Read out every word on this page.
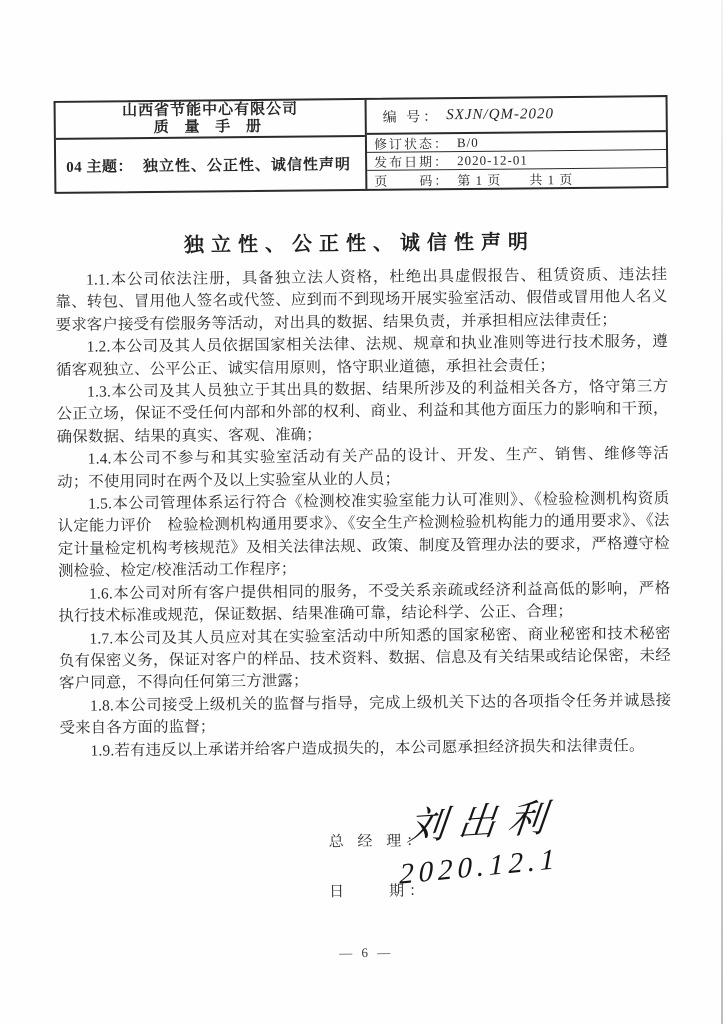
山西省节能中心有限公司
质 量 手 册
04 主题： 独立性、公正性、诚信性声明
编 号： SXJN/QM-2020
修订状态： B/0
发布日期： 2020-12-01
页　　码： 第 1 页　　共 1 页
独立性、公正性、诚信性声明

1.1.本公司依法注册，具备独立法人资格，杜绝出具虚假报告、租赁资质、违法挂靠、转包、冒用他人签名或代签、应到而不到现场开展实验室活动、假借或冒用他人名义要求客户接受有偿服务等活动，对出具的数据、结果负责，并承担相应法律责任；

1.2.本公司及其人员依据国家相关法律、法规、规章和执业准则等进行技术服务，遵循客观独立、公平公正、诚实信用原则，恪守职业道德，承担社会责任；

1.3.本公司及其人员独立于其出具的数据、结果所涉及的利益相关各方，恪守第三方公正立场，保证不受任何内部和外部的权利、商业、利益和其他方面压力的影响和干预，确保数据、结果的真实、客观、准确；

1.4.本公司不参与和其实验室活动有关产品的设计、开发、生产、销售、维修等活动；不使用同时在两个及以上实验室从业的人员；

1.5.本公司管理体系运行符合《检测校准实验室能力认可准则》、《检验检测机构资质认定能力评价　检验检测机构通用要求》、《安全生产检测检验机构能力的通用要求》、《法定计量检定机构考核规范》及相关法律法规、政策、制度及管理办法的要求，严格遵守检测检验、检定/校准活动工作程序；

1.6.本公司对所有客户提供相同的服务，不受关系亲疏或经济利益高低的影响，严格执行技术标准或规范，保证数据、结果准确可靠，结论科学、公正、合理；

1.7.本公司及其人员应对其在实验室活动中所知悉的国家秘密、商业秘密和技术秘密负有保密义务，保证对客户的样品、技术资料、数据、信息及有关结果或结论保密，未经客户同意，不得向任何第三方泄露；

1.8.本公司接受上级机关的监督与指导，完成上级机关下达的各项指令任务并诚恳接受来自各方面的监督；

1.9.若有违反以上承诺并给客户造成损失的，本公司愿承担经济损失和法律责任。

总 经 理：
刘出利
日　　期：
2020.12.1
— 6 —
